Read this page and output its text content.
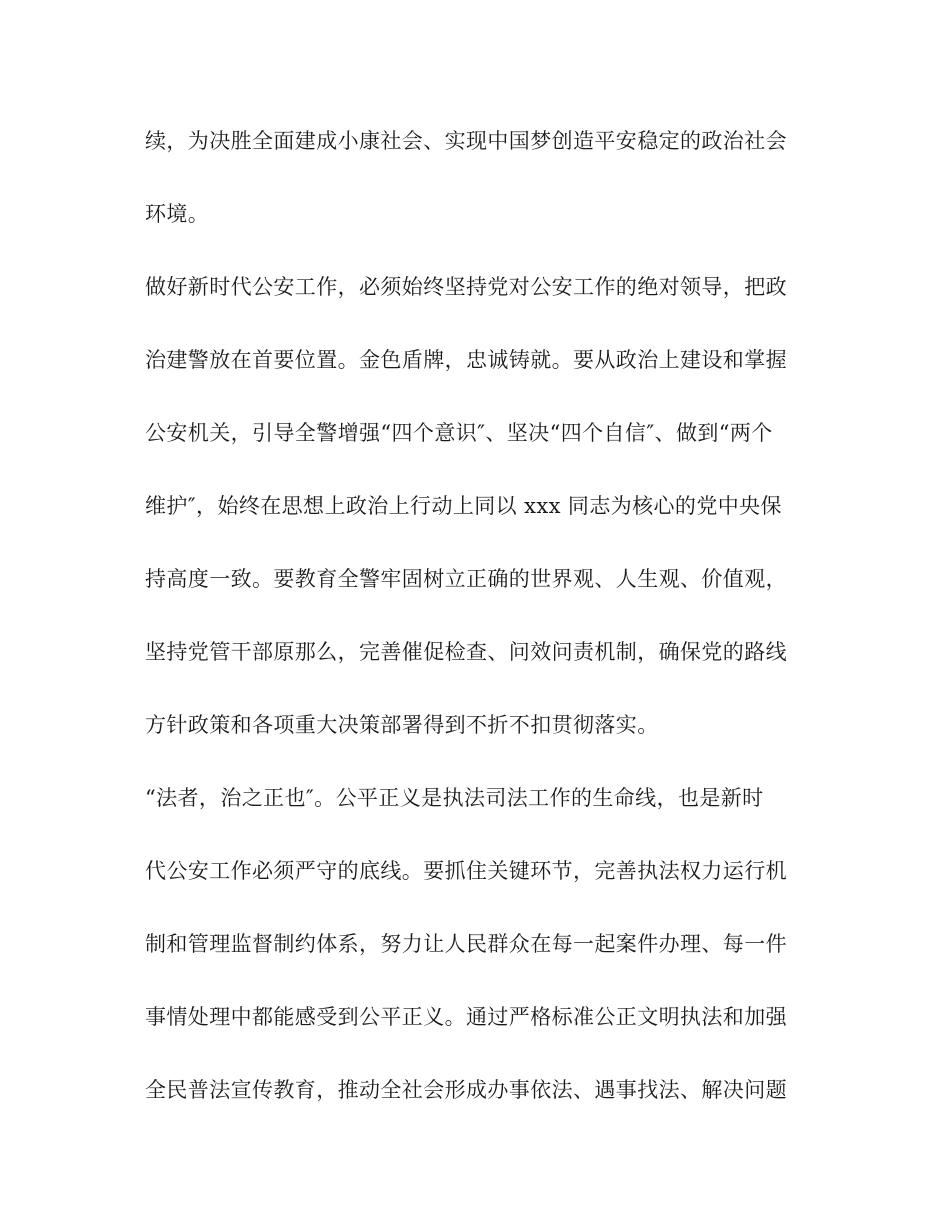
续，为决胜全面建成小康社会、实现中国梦创造平安稳定的政治社会
环境。
做好新时代公安工作，必须始终坚持党对公安工作的绝对领导，把政
治建警放在首要位置。金色盾牌，忠诚铸就。要从政治上建设和掌握
公安机关，引导全警增强“四个意识″、坚决“四个自信″、做到“两个
维护″，始终在思想上政治上行动上同以 xxx 同志为核心的党中央保
持高度一致。要教育全警牢固树立正确的世界观、人生观、价值观，
坚持党管干部原那么，完善催促检查、问效问责机制，确保党的路线
方针政策和各项重大决策部署得到不折不扣贯彻落实。
“法者，治之正也″。公平正义是执法司法工作的生命线，也是新时
代公安工作必须严守的底线。要抓住关键环节，完善执法权力运行机
制和管理监督制约体系，努力让人民群众在每一起案件办理、每一件
事情处理中都能感受到公平正义。通过严格标准公正文明执法和加强
全民普法宣传教育，推动全社会形成办事依法、遇事找法、解决问题
